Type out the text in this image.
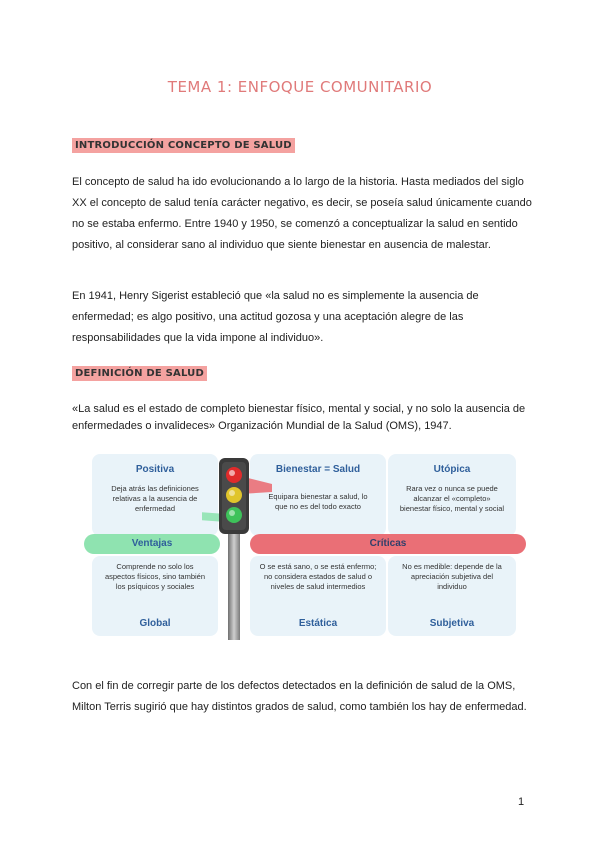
TEMA 1: ENFOQUE COMUNITARIO
INTRODUCCIÓN CONCEPTO DE SALUD

El concepto de salud ha ido evolucionando a lo largo de la historia. Hasta mediados del siglo XX el concepto de salud tenía carácter negativo, es decir, se poseía salud únicamente cuando no se estaba enfermo. Entre 1940 y 1950, se comenzó a conceptualizar la salud en sentido positivo, al considerar sano al individuo que siente bienestar en ausencia de malestar.

En 1941, Henry Sigerist estableció que «la salud no es simplemente la ausencia de enfermedad; es algo positivo, una actitud gozosa y una aceptación alegre de las responsabilidades que la vida impone al individuo».

DEFINICIÓN DE SALUD

«La salud es el estado de completo bienestar físico, mental y social, y no solo la ausencia de enfermedades o invalideces» Organización Mundial de la Salud (OMS), 1947.

Positiva
Deja atrás las definiciones relativas a la ausencia de enfermedad
Bienestar = Salud
Equipara bienestar a salud, lo que no es del todo exacto
Utópica
Rara vez o nunca se puede alcanzar el «completo» bienestar físico, mental y social
Ventajas	Críticas
Comprende no solo los aspectos físicos, sino también los psíquicos y sociales
Global
O se está sano, o se está enfermo; no considera estados de salud o niveles de salud intermedios
Estática
No es medible: depende de la apreciación subjetiva del individuo
Subjetiva

Con el fin de corregir parte de los defectos detectados en la definición de salud de la OMS, Milton Terris sugirió que hay distintos grados de salud, como también los hay de enfermedad.

1
